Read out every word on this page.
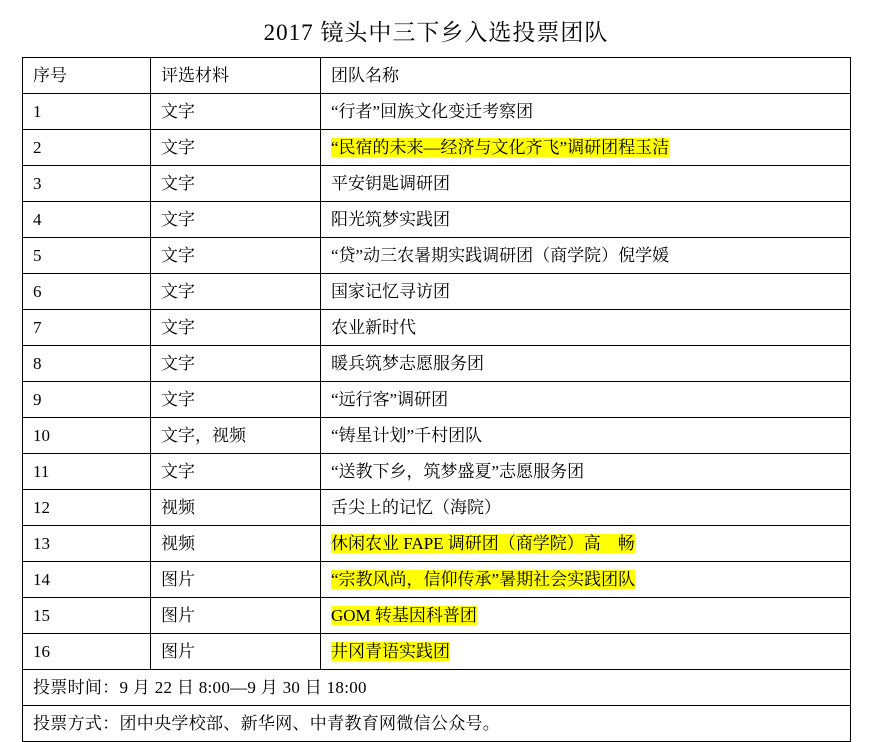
2017 镜头中三下乡入选投票团队
序号	评选材料	团队名称
1	文字	“行者”回族文化变迁考察团
2	文字	“民宿的未来—经济与文化齐飞”调研团程玉洁
3	文字	平安钥匙调研团
4	文字	阳光筑梦实践团
5	文字	“贷”动三农暑期实践调研团（商学院）倪学媛
6	文字	国家记忆寻访团
7	文字	农业新时代
8	文字	暖兵筑梦志愿服务团
9	文字	“远行客”调研团
10	文字，视频	“铸星计划”千村团队
11	文字	“送教下乡，筑梦盛夏”志愿服务团
12	视频	舌尖上的记忆（海院）
13	视频	休闲农业 FAPE 调研团（商学院）高　畅
14	图片	“宗教风尚，信仰传承”暑期社会实践团队
15	图片	GOM 转基因科普团
16	图片	井冈青语实践团
投票时间：9 月 22 日 8:00—9 月 30 日 18:00		
投票方式：团中央学校部、新华网、中青教育网微信公众号。		
